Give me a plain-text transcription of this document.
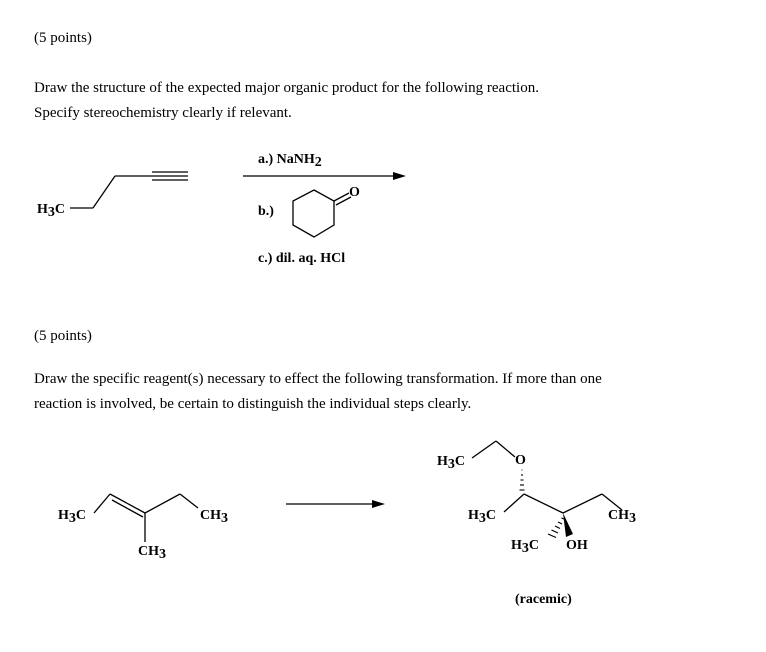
(5 points)
Draw the structure of the expected major organic product for the following reaction.
Specify stereochemistry clearly if relevant.
(5 points)
Draw the specific reagent(s) necessary to effect the following transformation. If more than one
reaction is involved, be certain to distinguish the individual steps clearly.
H3C
a.) NaNH2
b.)
c.) dil. aq. HCl
O
H3C	CH3
CH3
H3C	O
H3C	CH3
H3C OH
(racemic)
